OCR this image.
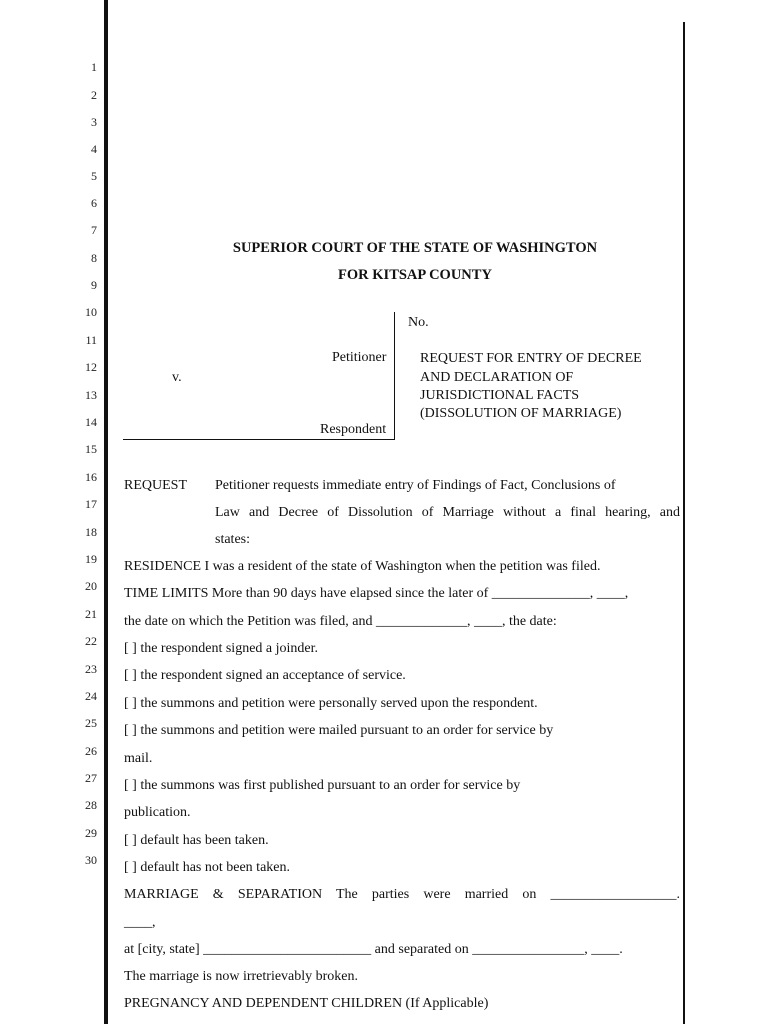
1
2
3
4
5
6
7
8
9
10
11
12
13
14
15
16
17
18
19
20
21
22
23
24
25
26
27
28
29
30
SUPERIOR COURT OF THE STATE OF WASHINGTON
FOR KITSAP COUNTY
Petitioner
v.
Respondent
No.
REQUEST FOR ENTRY OF DECREE
AND DECLARATION OF
JURISDICTIONAL FACTS
(DISSOLUTION OF MARRIAGE)
REQUEST Petitioner requests immediate entry of Findings of Fact, Conclusions of
Law and Decree of Dissolution of Marriage without a final hearing, and
states:
RESIDENCE I was a resident of the state of Washington when the petition was filed.
TIME LIMITS More than 90 days have elapsed since the later of ______________, ____,
the date on which the Petition was filed, and _____________, ____, the date:
[ ] the respondent signed a joinder.
[ ] the respondent signed an acceptance of service.
[ ] the summons and petition were personally served upon the respondent.
[ ] the summons and petition were mailed pursuant to an order for service by
mail.
[ ] the summons was first published pursuant to an order for service by
publication.
[ ] default has been taken.
[ ] default has not been taken.
MARRIAGE & SEPARATION The parties were married on __________________.
____,
at [city, state] ________________________ and separated on ________________, ____.
The marriage is now irretrievably broken.
PREGNANCY AND DEPENDENT CHILDREN (If Applicable)
